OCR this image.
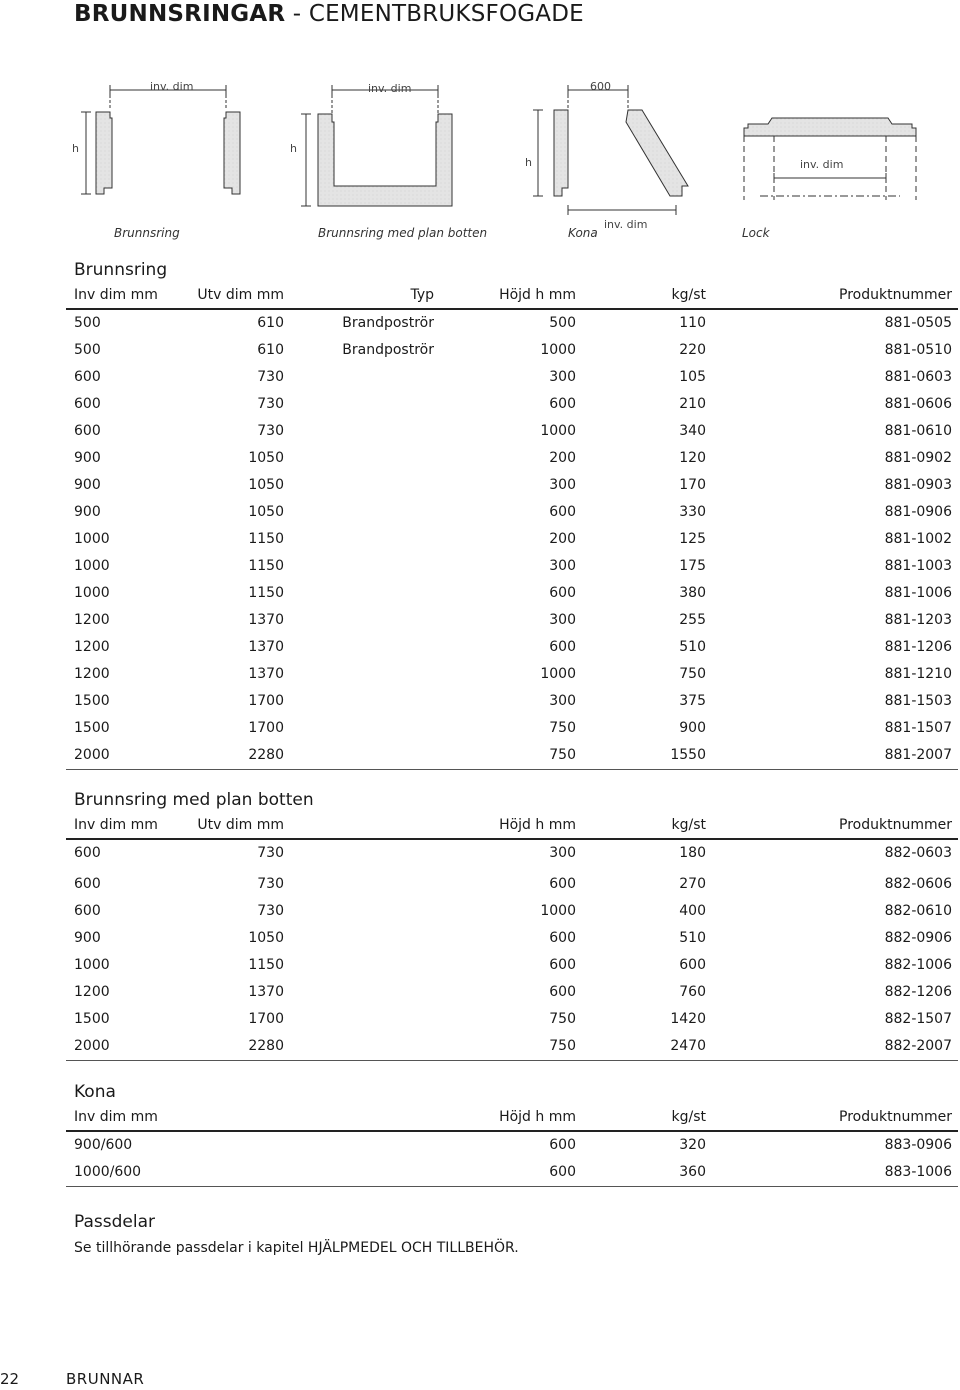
BRUNNSRINGAR - CEMENTBRUKSFOGADE
inv. dim
h
Brunnsring
inv. dim
h
Brunnsring med plan botten
600
h
inv. dim
Kona
inv. dim
Lock
Brunnsring
Inv dim mm	Utv dim mm	Typ	Höjd h mm	kg/st	Produktnummer
500	610	Brandpoströr	500	110	881-0505
500	610	Brandpoströr	1000	220	881-0510
600	730		300	105	881-0603
600	730		600	210	881-0606
600	730		1000	340	881-0610
900	1050		200	120	881-0902
900	1050		300	170	881-0903
900	1050		600	330	881-0906
1000	1150		200	125	881-1002
1000	1150		300	175	881-1003
1000	1150		600	380	881-1006
1200	1370		300	255	881-1203
1200	1370		600	510	881-1206
1200	1370		1000	750	881-1210
1500	1700		300	375	881-1503
1500	1700		750	900	881-1507
2000	2280		750	1550	881-2007
Brunnsring med plan botten
Inv dim mm	Utv dim mm		Höjd h mm	kg/st	Produktnummer
600	730		300	180	882-0603
600	730		600	270	882-0606
600	730		1000	400	882-0610
900	1050		600	510	882-0906
1000	1150		600	600	882-1006
1200	1370		600	760	882-1206
1500	1700		750	1420	882-1507
2000	2280		750	2470	882-2007
Kona
Inv dim mm			Höjd h mm	kg/st	Produktnummer
900/600			600	320	883-0906
1000/600			600	360	883-1006
Passdelar
Se tillhörande passdelar i kapitel HJÄLPMEDEL OCH TILLBEHÖR.
22	BRUNNAR
